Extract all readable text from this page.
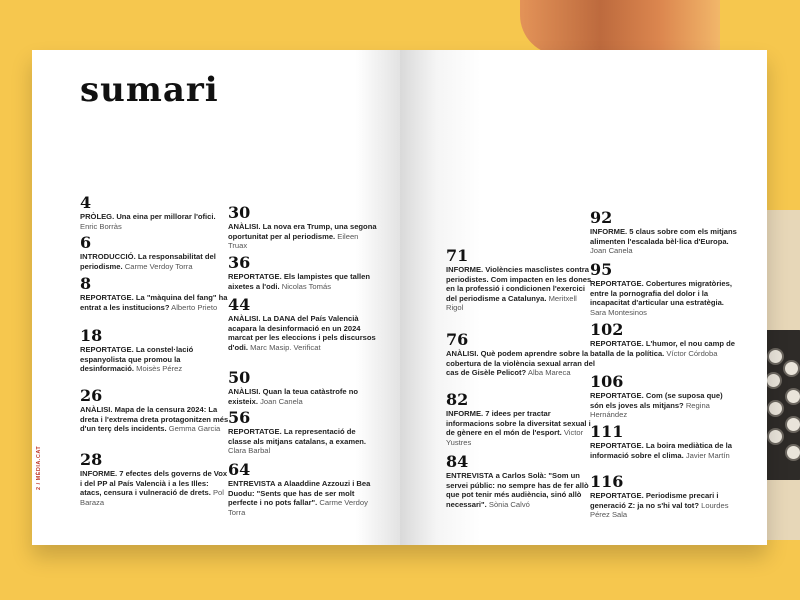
sumari
4
PRÒLEG. Una eina per millorar l'ofici. Enric Borràs
6
INTRODUCCIÓ. La responsabilitat del periodisme. Carme Verdoy Torra
8
REPORTATGE. La "màquina del fang" ha entrat a les institucions? Alberto Prieto
18
REPORTATGE. La constel·lació espanyolista que promou la desinformació. Moisès Pérez
26
ANÀLISI. Mapa de la censura 2024: La dreta i l'extrema dreta protagonitzen més d'un terç dels incidents. Gemma Garcia
28
INFORME. 7 efectes dels governs de Vox i del PP al País Valencià i a les Illes: atacs, censura i vulneració de drets. Pol Baraza
30
ANÀLISI. La nova era Trump, una segona oportunitat per al periodisme. Eileen Truax
36
REPORTATGE. Els lampistes que tallen aixetes a l'odi. Nicolas Tomás
44
ANÀLISI. La DANA del País Valencià acapara la desinformació en un 2024 marcat per les eleccions i pels discursos d'odi. Marc Masip. Verificat
50
ANÀLISI. Quan la teua catàstrofe no existeix. Joan Canela
56
REPORTATGE. La representació de classe als mitjans catalans, a examen. Clara Barbal
64
ENTREVISTA a Alaaddine Azzouzi i Bea Duodu: "Sents que has de ser molt perfecte i no pots fallar". Carme Verdoy Torra
2 / MÈDIA.CAT
71
INFORME. Violències masclistes contra periodistes. Com impacten en les dones en la professió i condicionen l'exercici del periodisme a Catalunya. Meritxell Rigol
76
ANÀLISI. Què podem aprendre sobre la cobertura de la violència sexual arran del cas de Gisèle Pelicot? Alba Mareca
82
INFORME. 7 idees per tractar informacions sobre la diversitat sexual i de gènere en el món de l'esport. Victor Yustres
84
ENTREVISTA a Carlos Solà: "Som un servei públic: no sempre has de fer allò que pot tenir més audiència, sinó allò necessari". Sònia Calvó
92
INFORME. 5 claus sobre com els mitjans alimenten l'escalada bèl·lica d'Europa. Joan Canela
95
REPORTATGE. Cobertures migratòries, entre la pornografia del dolor i la incapacitat d'articular una estratègia. Sara Montesinos
102
REPORTATGE. L'humor, el nou camp de batalla de la política. Víctor Córdoba
106
REPORTATGE. Com (se suposa que) són els joves als mitjans? Regina Hernández
111
REPORTATGE. La boira mediàtica de la informació sobre el clima. Javier Martín
116
REPORTATGE. Periodisme precari i generació Z: ja no s'hi val tot? Lourdes Pérez Sala
